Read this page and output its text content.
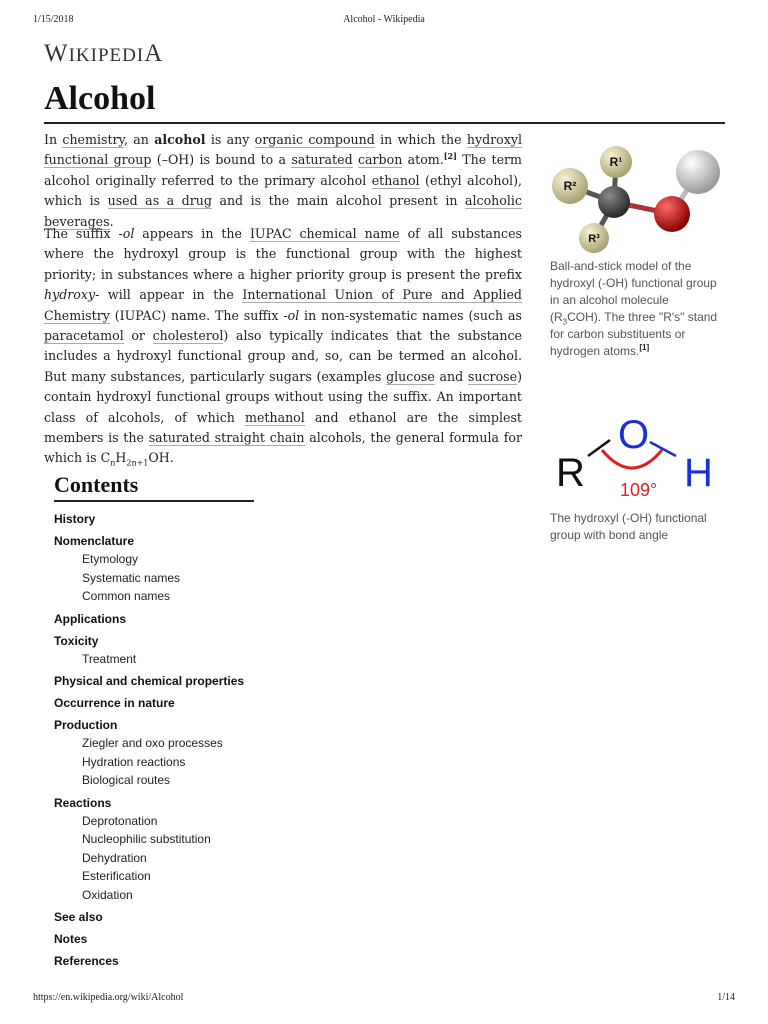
1/15/2018	Alcohol - Wikipedia
WIKIPEDIA
Alcohol

In chemistry, an alcohol is any organic compound in which the hydroxyl functional group (–OH) is bound to a saturated carbon atom.[2] The term alcohol originally referred to the primary alcohol ethanol (ethyl alcohol), which is used as a drug and is the main alcohol present in alcoholic beverages.

The suffix -ol appears in the IUPAC chemical name of all substances where the hydroxyl group is the functional group with the highest priority; in substances where a higher priority group is present the prefix hydroxy- will appear in the International Union of Pure and Applied Chemistry (IUPAC) name. The suffix -ol in non-systematic names (such as paracetamol or cholesterol) also typically indicates that the substance includes a hydroxyl functional group and, so, can be termed an alcohol. But many substances, particularly sugars (examples glucose and sucrose) contain hydroxyl functional groups without using the suffix. An important class of alcohols, of which methanol and ethanol are the simplest members is the saturated straight chain alcohols, the general formula for which is $C_nH_{2n+1}OH$.

R¹
R²
R³
Ball-and-stick model of the hydroxyl (-OH) functional group in an alcohol molecule $(R_3COH)$. The three "R's" stand for carbon substituents or hydrogen atoms.[1]
R
O
H
109°
The hydroxyl (-OH) functional group with bond angle
Contents
History
Nomenclature
Etymology
Systematic names
Common names
Applications
Toxicity
Treatment
Physical and chemical properties
Occurrence in nature
Production
Ziegler and oxo processes
Hydration reactions
Biological routes
Reactions
Deprotonation
Nucleophilic substitution
Dehydration
Esterification
Oxidation
See also
Notes
References
https://en.wikipedia.org/wiki/Alcohol	1/14
